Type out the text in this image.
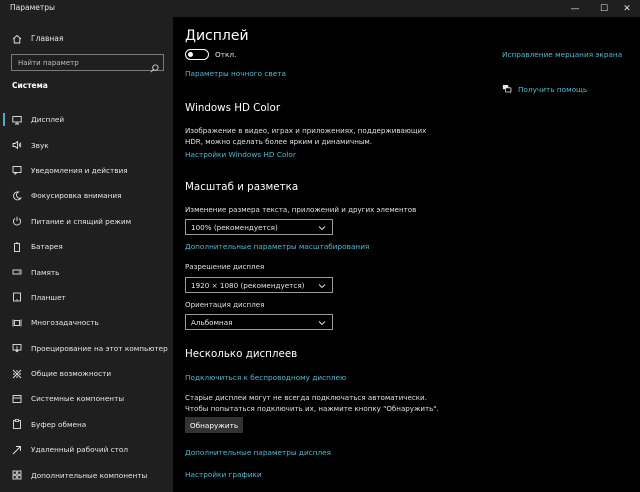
Параметры	—	☐	✕
Главная
Найти параметр
Система
Дисплей
Звук
Уведомления и действия
Фокусировка внимания
Питание и спящий режим
Батарея
Память
Планшет
Многозадачность
Проецирование на этот компьютер
Общие возможности
Системные компоненты
Буфер обмена
Удаленный рабочий стол
Дополнительные компоненты
Дисплей
Откл.
Параметры ночного света
Исправление мерцания экрана
Получить помощь
Windows HD Color
Изображение в видео, играх и приложениях, поддерживающих
HDR, можно сделать более ярким и динамичным.
Настройки Windows HD Color
Масштаб и разметка
Изменение размера текста, приложений и других элементов
100% (рекомендуется)
Дополнительные параметры масштабирования
Разрешение дисплея
1920 × 1080 (рекомендуется)
Ориентация дисплея
Альбомная
Несколько дисплеев
Подключиться к беспроводному дисплею
Старые дисплеи могут не всегда подключаться автоматически.
Чтобы попытаться подключить их, нажмите кнопку "Обнаружить".
Обнаружить
Дополнительные параметры дисплея
Настройки графики
